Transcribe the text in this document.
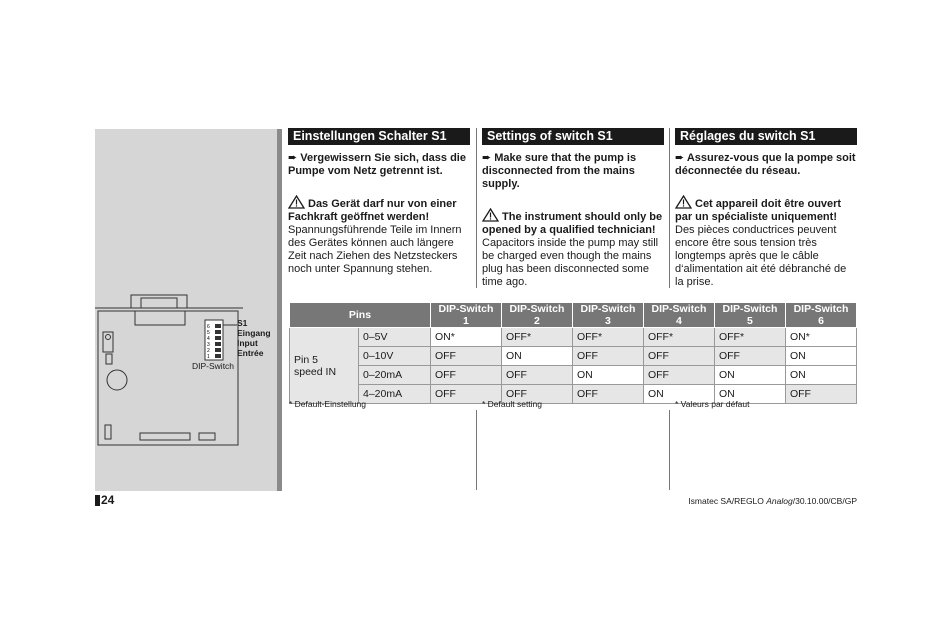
6
5
4
3
2
1
S1
Eingang
Input
Entrée
DIP-Switch
Einstellungen Schalter S1
➨ Vergewissern Sie sich, dass die Pumpe vom Netz getrennt ist.
Das Gerät darf nur von einer Fachkraft geöffnet werden!
Spannungsführende Teile im Innern des Gerätes können auch längere Zeit nach Ziehen des Netzsteckers noch unter Spannung stehen.
Settings of switch S1
➨ Make sure that the pump is disconnected from the mains supply.
The instrument should only be opened by a qualified technician!
Capacitors inside the pump may still be charged even though the mains plug has been disconnected some time ago.
Réglages du switch S1
➨ Assurez-vous que la pompe soit déconnectée du réseau.
Cet appareil doit être ouvert par un spécialiste uniquement!
Des pièces conductrices peuvent encore être sous tension très longtemps après que le câble d‘alimentation ait été débranché de la prise.
Pins		DIP-Switch 1	DIP-Switch 2	DIP-Switch 3	DIP-Switch 4	DIP-Switch 5	DIP-Switch 6

Pin 5
speed IN	0–5V	ON*	OFF*	OFF*	OFF*	OFF*	ON*
	0–10V	OFF	ON	OFF	OFF	OFF	ON
	0–20mA	OFF	OFF	ON	OFF	ON	ON
	4–20mA	OFF	OFF	OFF	ON	ON	OFF
* Default-Einstellung	* Default setting	* Valeurs par défaut
24	Ismatec SA/REGLO Analog/30.10.00/CB/GP
